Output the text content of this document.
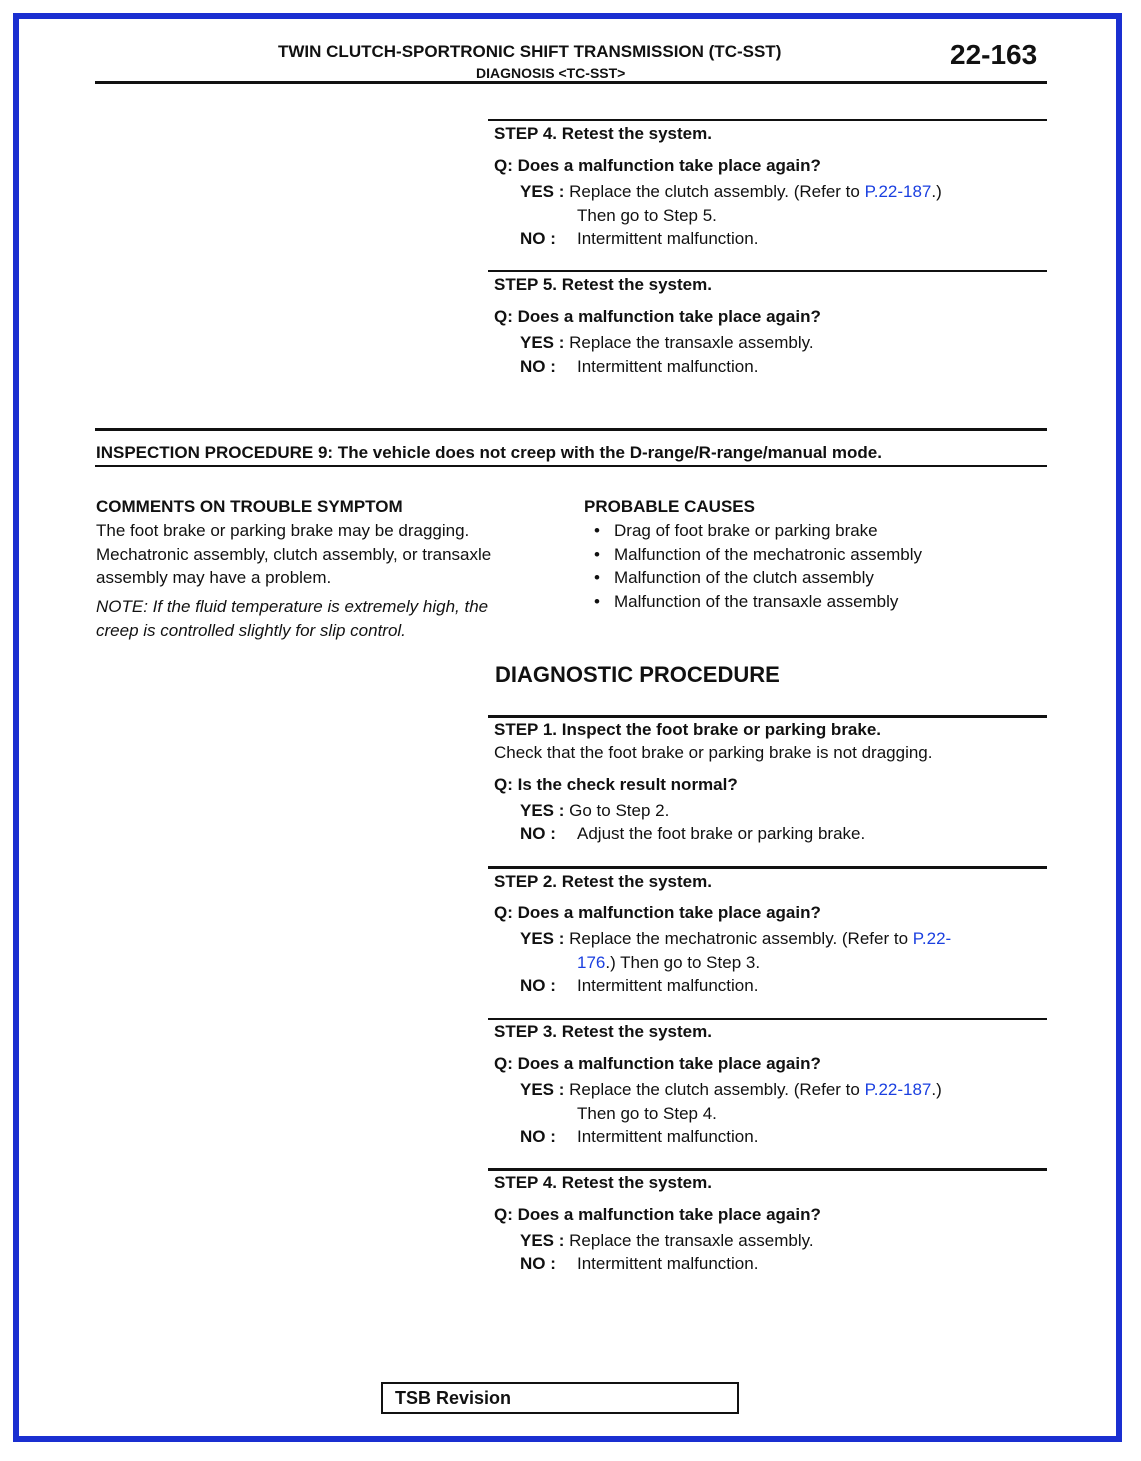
TWIN CLUTCH-SPORTRONIC SHIFT TRANSMISSION (TC-SST)
DIAGNOSIS <TC-SST>
22-163
STEP 4. Retest the system.
Q: Does a malfunction take place again?
YES : Replace the clutch assembly. (Refer to P.22-187.)
Then go to Step 5.
NO : Intermittent malfunction.
STEP 5. Retest the system.
Q: Does a malfunction take place again?
YES : Replace the transaxle assembly.
NO : Intermittent malfunction.
INSPECTION PROCEDURE 9: The vehicle does not creep with the D-range/R-range/manual mode.
COMMENTS ON TROUBLE SYMPTOM
The foot brake or parking brake may be dragging.
Mechatronic assembly, clutch assembly, or transaxle
assembly may have a problem.
NOTE: If the fluid temperature is extremely high, the
creep is controlled slightly for slip control.
PROBABLE CAUSES
• Drag of foot brake or parking brake
• Malfunction of the mechatronic assembly
• Malfunction of the clutch assembly
• Malfunction of the transaxle assembly
DIAGNOSTIC PROCEDURE
STEP 1. Inspect the foot brake or parking brake.
Check that the foot brake or parking brake is not dragging.
Q: Is the check result normal?
YES : Go to Step 2.
NO : Adjust the foot brake or parking brake.
STEP 2. Retest the system.
Q: Does a malfunction take place again?
YES : Replace the mechatronic assembly. (Refer to P.22-
176.) Then go to Step 3.
NO : Intermittent malfunction.
STEP 3. Retest the system.
Q: Does a malfunction take place again?
YES : Replace the clutch assembly. (Refer to P.22-187.)
Then go to Step 4.
NO : Intermittent malfunction.
STEP 4. Retest the system.
Q: Does a malfunction take place again?
YES : Replace the transaxle assembly.
NO : Intermittent malfunction.
TSB Revision
